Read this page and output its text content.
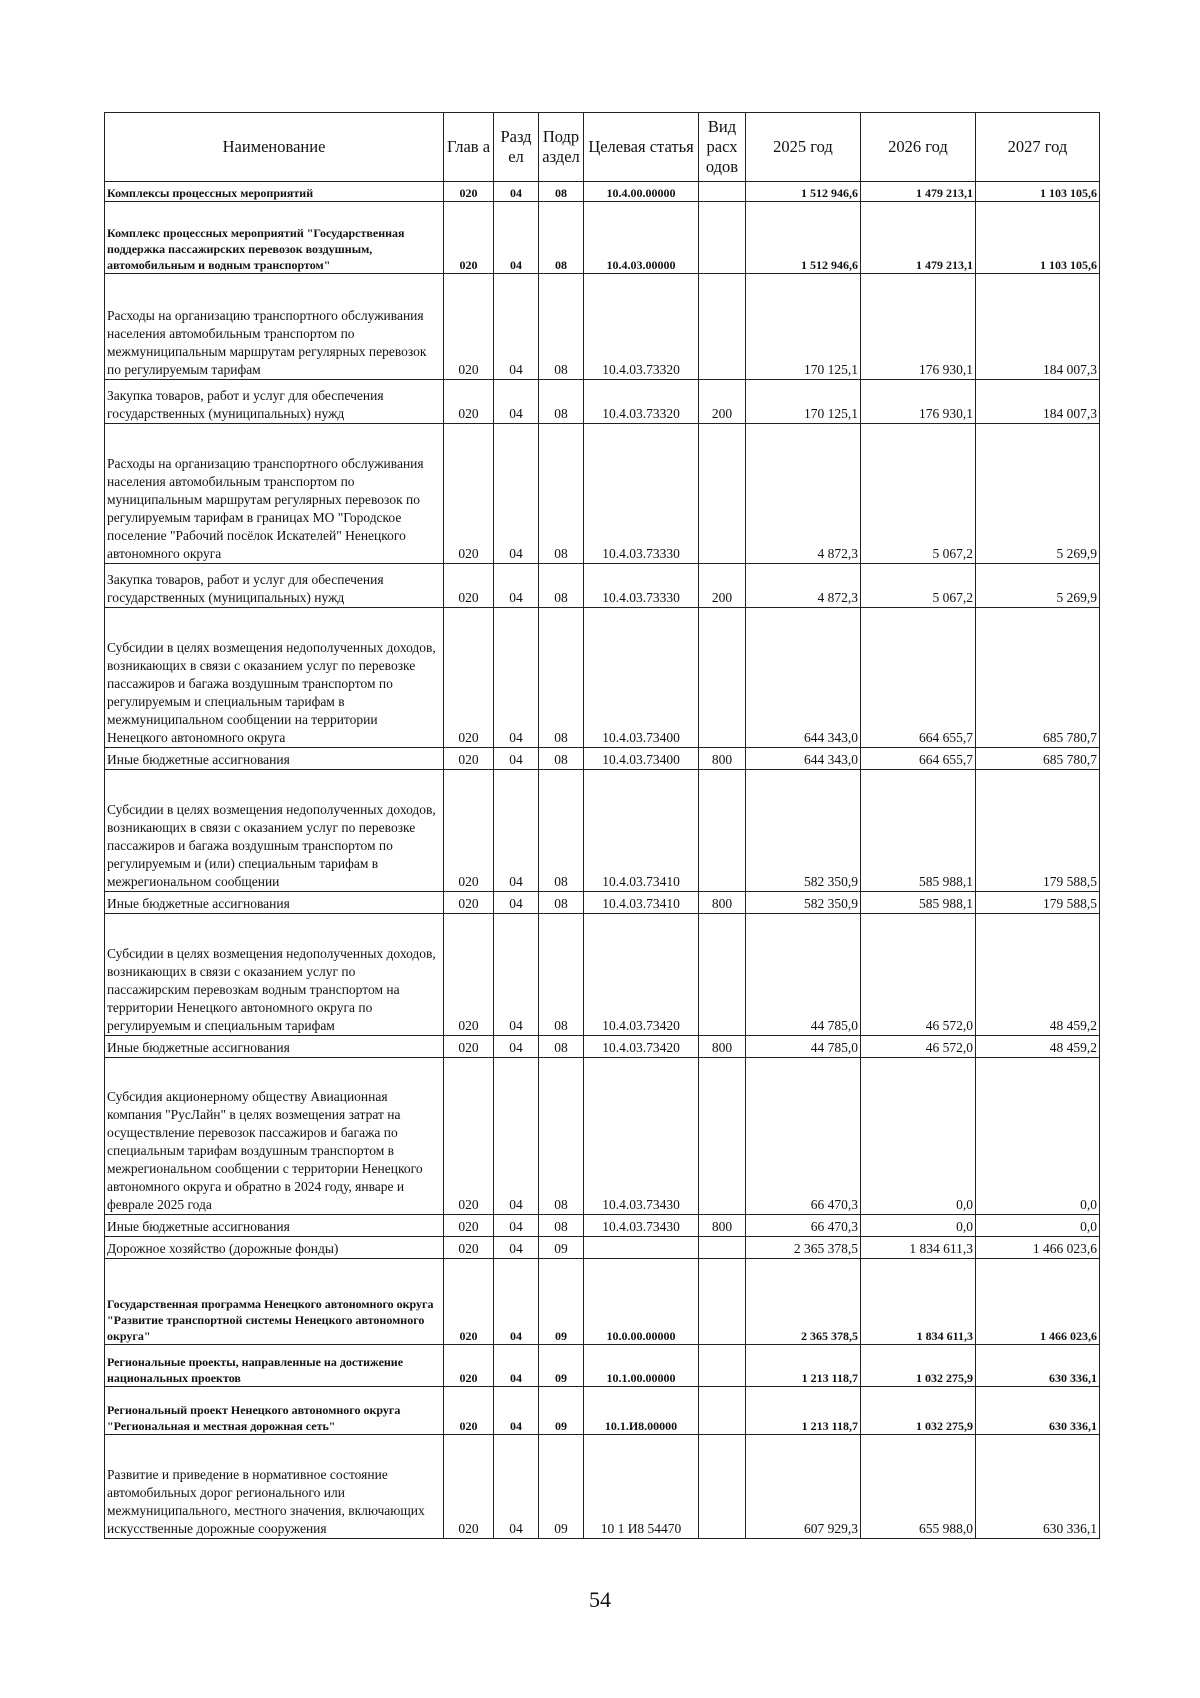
Наименование	Глав а	Разд ел	Подр аздел	Целевая статья	Вид расх одов	2025 год	2026 год	2027 год
Комплексы процессных мероприятий	020	04	08	10.4.00.00000		1 512 946,6	1 479 213,1	1 103 105,6
Комплекс процессных мероприятий "Государственная поддержка пассажирских перевозок воздушным, автомобильным и водным транспортом"	020	04	08	10.4.03.00000		1 512 946,6	1 479 213,1	1 103 105,6
Расходы на организацию транспортного обслуживания населения автомобильным транспортом по межмуниципальным маршрутам регулярных перевозок по регулируемым тарифам	020	04	08	10.4.03.73320		170 125,1	176 930,1	184 007,3
Закупка товаров, работ и услуг для обеспечения государственных (муниципальных) нужд	020	04	08	10.4.03.73320	200	170 125,1	176 930,1	184 007,3
Расходы на организацию транспортного обслуживания населения автомобильным транспортом по муниципальным маршрутам регулярных перевозок по регулируемым тарифам в границах МО "Городское поселение "Рабочий посёлок Искателей" Ненецкого автономного округа	020	04	08	10.4.03.73330		4 872,3	5 067,2	5 269,9
Закупка товаров, работ и услуг для обеспечения государственных (муниципальных) нужд	020	04	08	10.4.03.73330	200	4 872,3	5 067,2	5 269,9
Субсидии в целях возмещения недополученных доходов, возникающих в связи с оказанием услуг по перевозке пассажиров и багажа воздушным транспортом по регулируемым и специальным тарифам в межмуниципальном сообщении на территории Ненецкого автономного округа	020	04	08	10.4.03.73400		644 343,0	664 655,7	685 780,7
Иные бюджетные ассигнования	020	04	08	10.4.03.73400	800	644 343,0	664 655,7	685 780,7
Субсидии в целях возмещения недополученных доходов, возникающих в связи с оказанием услуг по перевозке пассажиров и багажа воздушным транспортом по регулируемым и (или) специальным тарифам в межрегиональном сообщении	020	04	08	10.4.03.73410		582 350,9	585 988,1	179 588,5
Иные бюджетные ассигнования	020	04	08	10.4.03.73410	800	582 350,9	585 988,1	179 588,5
Субсидии в целях возмещения недополученных доходов, возникающих в связи с оказанием услуг по пассажирским перевозкам водным транспортом на территории Ненецкого автономного округа по регулируемым и специальным тарифам	020	04	08	10.4.03.73420		44 785,0	46 572,0	48 459,2
Иные бюджетные ассигнования	020	04	08	10.4.03.73420	800	44 785,0	46 572,0	48 459,2
Субсидия акционерному обществу Авиационная компания "РусЛайн" в целях возмещения затрат на осуществление перевозок пассажиров и багажа по специальным тарифам воздушным транспортом в межрегиональном сообщении с территории Ненецкого автономного округа и обратно в 2024 году, январе и феврале 2025 года	020	04	08	10.4.03.73430		66 470,3	0,0	0,0
Иные бюджетные ассигнования	020	04	08	10.4.03.73430	800	66 470,3	0,0	0,0
Дорожное хозяйство (дорожные фонды)	020	04	09			2 365 378,5	1 834 611,3	1 466 023,6
Государственная программа Ненецкого автономного округа "Развитие транспортной системы Ненецкого автономного округа"	020	04	09	10.0.00.00000		2 365 378,5	1 834 611,3	1 466 023,6
Региональные проекты, направленные на достижение национальных проектов	020	04	09	10.1.00.00000		1 213 118,7	1 032 275,9	630 336,1
Региональный проект Ненецкого автономного округа "Региональная и местная дорожная сеть"	020	04	09	10.1.И8.00000		1 213 118,7	1 032 275,9	630 336,1
Развитие и приведение в нормативное состояние автомобильных дорог регионального или межмуниципального, местного значения, включающих искусственные дорожные сооружения	020	04	09	10 1 И8 54470		607 929,3	655 988,0	630 336,1
54
